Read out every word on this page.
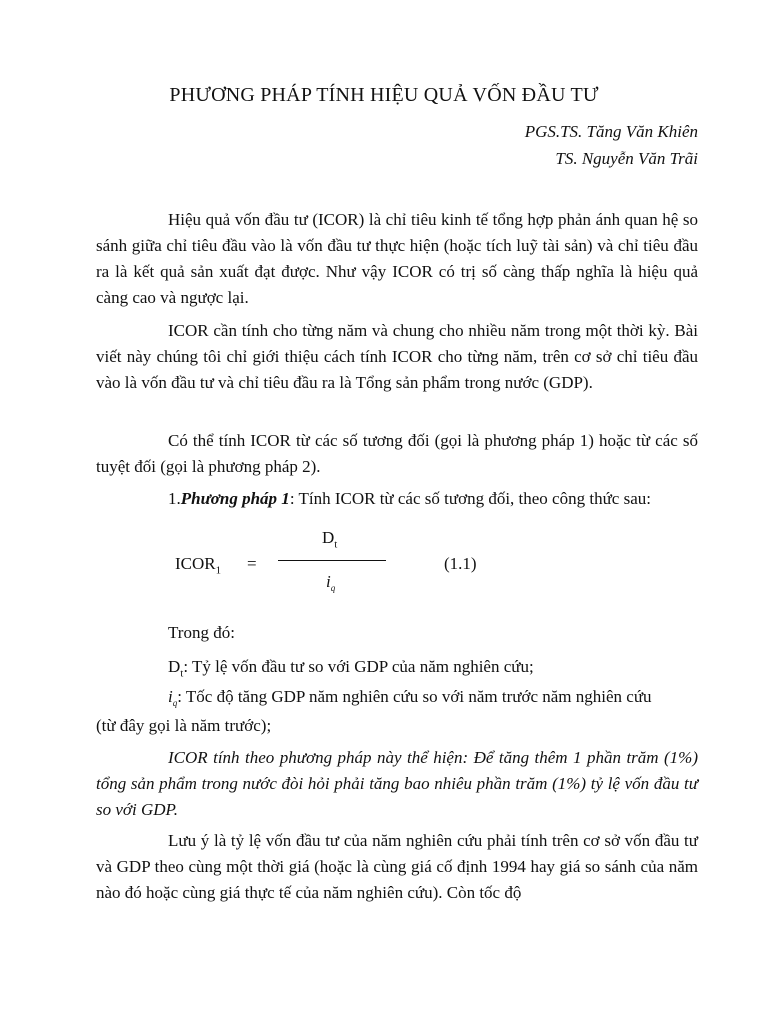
PHƯƠNG PHÁP TÍNH HIỆU QUẢ VỐN ĐẦU TƯ
PGS.TS. Tăng Văn Khiên
TS. Nguyễn Văn Trãi
Hiệu quả vốn đầu tư (ICOR) là chỉ tiêu kinh tế tổng hợp phản ánh quan hệ so sánh giữa chỉ tiêu đầu vào là vốn đầu tư thực hiện (hoặc tích luỹ tài sản) và chỉ tiêu đầu ra là kết quả sản xuất đạt được. Như vậy ICOR có trị số càng thấp nghĩa là hiệu quả càng cao và ngược lại.
ICOR cần tính cho từng năm và chung cho nhiều năm trong một thời kỳ. Bài viết này chúng tôi chỉ giới thiệu cách tính ICOR cho từng năm, trên cơ sở chỉ tiêu đầu vào là vốn đầu tư và chỉ tiêu đầu ra là Tổng sản phẩm trong nước (GDP).
Có thể tính ICOR từ các số tương đối (gọi là phương pháp 1) hoặc từ các số tuyệt đối (gọi là phương pháp 2).
1.Phương pháp 1: Tính ICOR từ các số tương đối, theo công thức sau:
$ICOR_1$ =
$D_t$
$i_q$
(1.1)
Trong đó:
$D_t$: Tỷ lệ vốn đầu tư so với GDP của năm nghiên cứu;
$i_q$: Tốc độ tăng GDP năm nghiên cứu so với năm trước năm nghiên cứu
(từ đây gọi là năm trước);
ICOR tính theo phương pháp này thể hiện: Để tăng thêm 1 phần trăm (1%) tổng sản phẩm trong nước đòi hỏi phải tăng bao nhiêu phần trăm (1%) tỷ lệ vốn đầu tư so với GDP.
Lưu ý là tỷ lệ vốn đầu tư của năm nghiên cứu phải tính trên cơ sở vốn đầu tư và GDP theo cùng một thời giá (hoặc là cùng giá cố định 1994 hay giá so sánh của năm nào đó hoặc cùng giá thực tế của năm nghiên cứu). Còn tốc độ
